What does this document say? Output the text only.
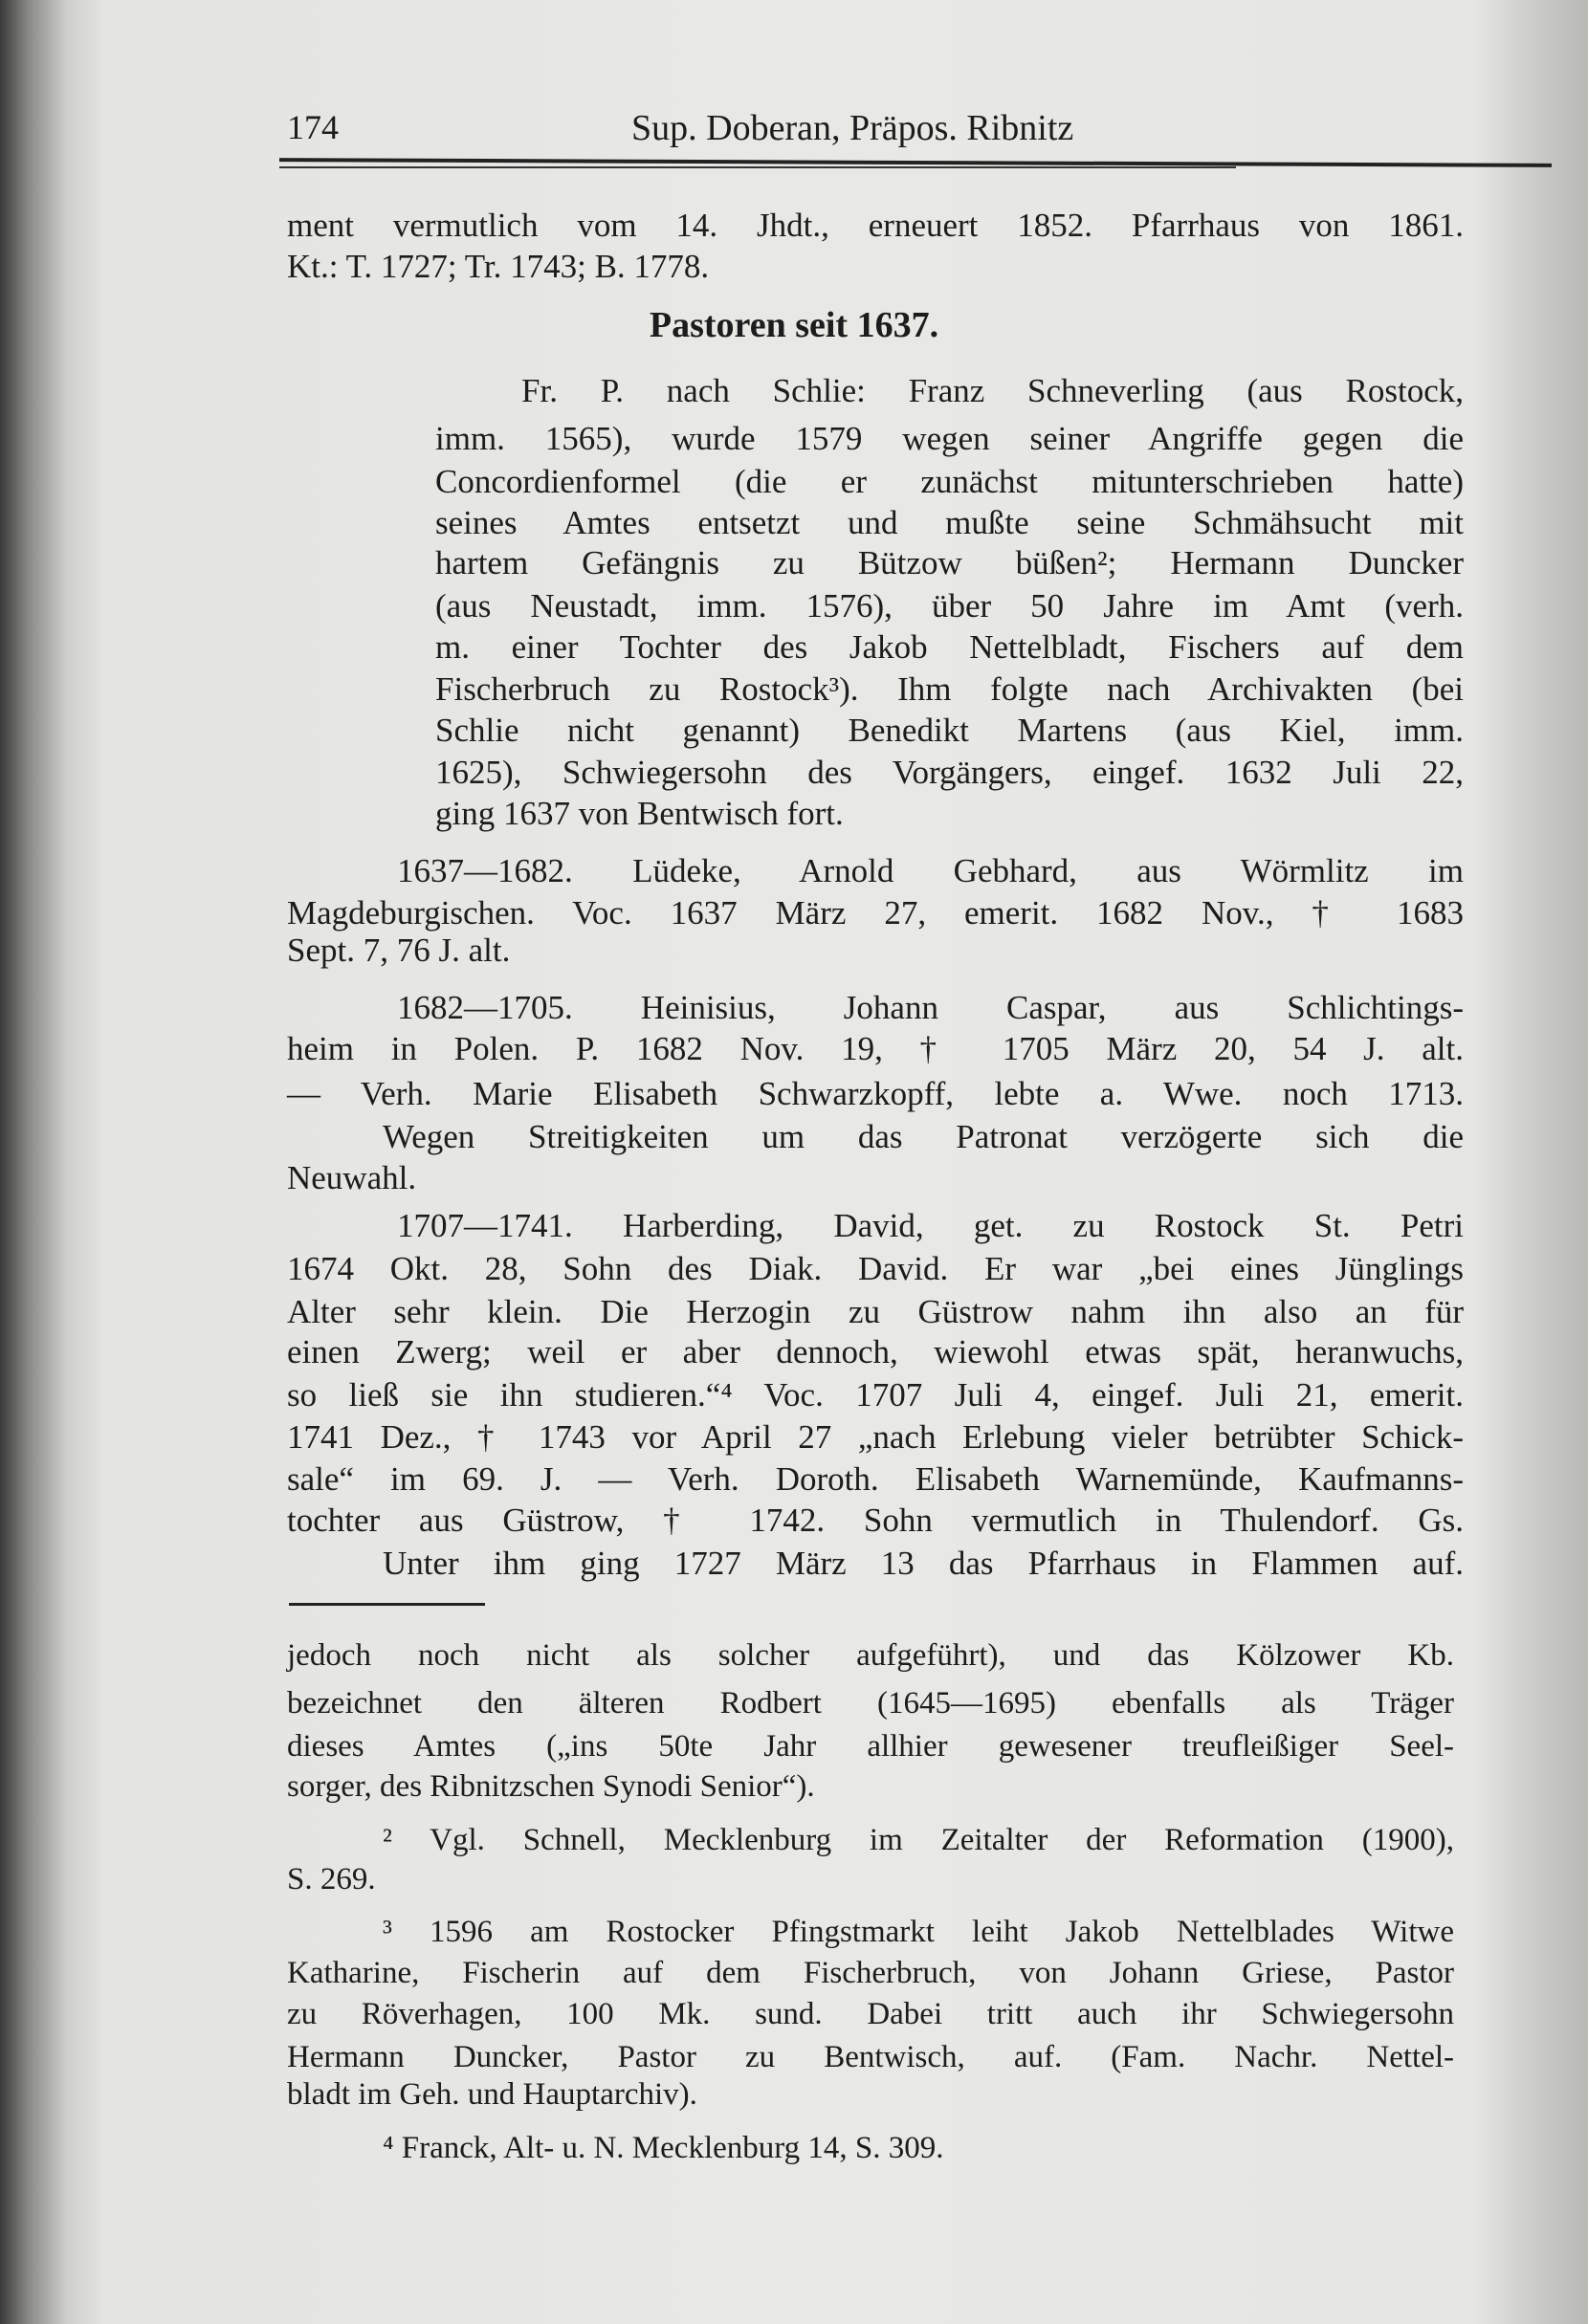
174	Sup. Doberan, Präpos. Ribnitz
Pastoren seit 1637.
ment vermutlich vom 14. Jhdt., erneuert 1852. Pfarrhaus von 1861.
Kt.: T. 1727; Tr. 1743; B. 1778.
Fr. P. nach Schlie: Franz Schneverling (aus Rostock,
imm. 1565), wurde 1579 wegen seiner Angriffe gegen die
Concordienformel (die er zunächst mitunterschrieben hatte)
seines Amtes entsetzt und mußte seine Schmähsucht mit
hartem Gefängnis zu Bützow büßen²; Hermann Duncker
(aus Neustadt, imm. 1576), über 50 Jahre im Amt (verh.
m. einer Tochter des Jakob Nettelbladt, Fischers auf dem
Fischerbruch zu Rostock³). Ihm folgte nach Archivakten (bei
Schlie nicht genannt) Benedikt Martens (aus Kiel, imm.
1625), Schwiegersohn des Vorgängers, eingef. 1632 Juli 22,
ging 1637 von Bentwisch fort.
1637—1682. Lüdeke, Arnold Gebhard, aus Wörmlitz im
Magdeburgischen. Voc. 1637 März 27, emerit. 1682 Nov., † 1683
Sept. 7, 76 J. alt.
1682—1705. Heinisius, Johann Caspar, aus Schlichtings-
heim in Polen. P. 1682 Nov. 19, † 1705 März 20, 54 J. alt.
— Verh. Marie Elisabeth Schwarzkopff, lebte a. Wwe. noch 1713.
Wegen Streitigkeiten um das Patronat verzögerte sich die
Neuwahl.
1707—1741. Harberding, David, get. zu Rostock St. Petri
1674 Okt. 28, Sohn des Diak. David. Er war „bei eines Jünglings
Alter sehr klein. Die Herzogin zu Güstrow nahm ihn also an für
einen Zwerg; weil er aber dennoch, wiewohl etwas spät, heranwuchs,
so ließ sie ihn studieren.“⁴ Voc. 1707 Juli 4, eingef. Juli 21, emerit.
1741 Dez., † 1743 vor April 27 „nach Erlebung vieler betrübter Schick-
sale“ im 69. J. — Verh. Doroth. Elisabeth Warnemünde, Kaufmanns-
tochter aus Güstrow, † 1742. Sohn vermutlich in Thulendorf. Gs.
Unter ihm ging 1727 März 13 das Pfarrhaus in Flammen auf.
jedoch noch nicht als solcher aufgeführt), und das Kölzower Kb.
bezeichnet den älteren Rodbert (1645—1695) ebenfalls als Träger
dieses Amtes („ins 50te Jahr allhier gewesener treufleißiger Seel-
sorger, des Ribnitzschen Synodi Senior“).
² Vgl. Schnell, Mecklenburg im Zeitalter der Reformation (1900),
S. 269.
³ 1596 am Rostocker Pfingstmarkt leiht Jakob Nettelblades Witwe
Katharine, Fischerin auf dem Fischerbruch, von Johann Griese, Pastor
zu Röverhagen, 100 Mk. sund. Dabei tritt auch ihr Schwiegersohn
Hermann Duncker, Pastor zu Bentwisch, auf. (Fam. Nachr. Nettel-
bladt im Geh. und Hauptarchiv).
⁴ Franck, Alt- u. N. Mecklenburg 14, S. 309.
